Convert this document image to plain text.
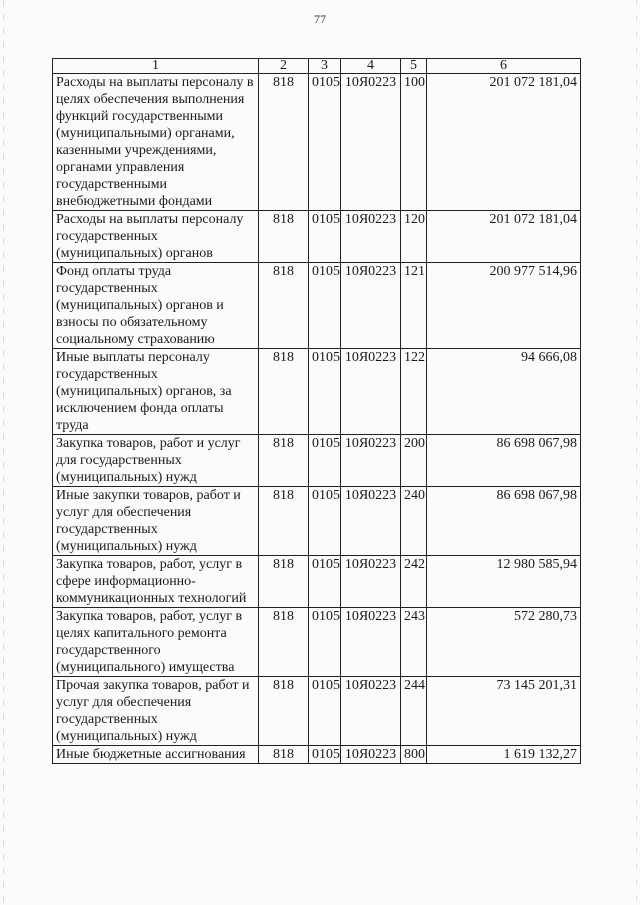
77
1	2	3	4	5	6
Расходы на выплаты персоналу в целях обеспечения выполнения функций государственными (муниципальными) органами, казенными учреждениями, органами управления государственными внебюджетными фондами	818	0105	10Я0223	100	201 072 181,04
Расходы на выплаты персоналу государственных (муниципальных) органов	818	0105	10Я0223	120	201 072 181,04
Фонд оплаты труда государственных (муниципальных) органов и взносы по обязательному социальному страхованию	818	0105	10Я0223	121	200 977 514,96
Иные выплаты персоналу государственных (муниципальных) органов, за исключением фонда оплаты труда	818	0105	10Я0223	122	94 666,08
Закупка товаров, работ и услуг для государственных (муниципальных) нужд	818	0105	10Я0223	200	86 698 067,98
Иные закупки товаров, работ и услуг для обеспечения государственных (муниципальных) нужд	818	0105	10Я0223	240	86 698 067,98
Закупка товаров, работ, услуг в сфере информационно-коммуникационных технологий	818	0105	10Я0223	242	12 980 585,94
Закупка товаров, работ, услуг в целях капитального ремонта государственного (муниципального) имущества	818	0105	10Я0223	243	572 280,73
Прочая закупка товаров, работ и услуг для обеспечения государственных (муниципальных) нужд	818	0105	10Я0223	244	73 145 201,31
Иные бюджетные ассигнования	818	0105	10Я0223	800	1 619 132,27
